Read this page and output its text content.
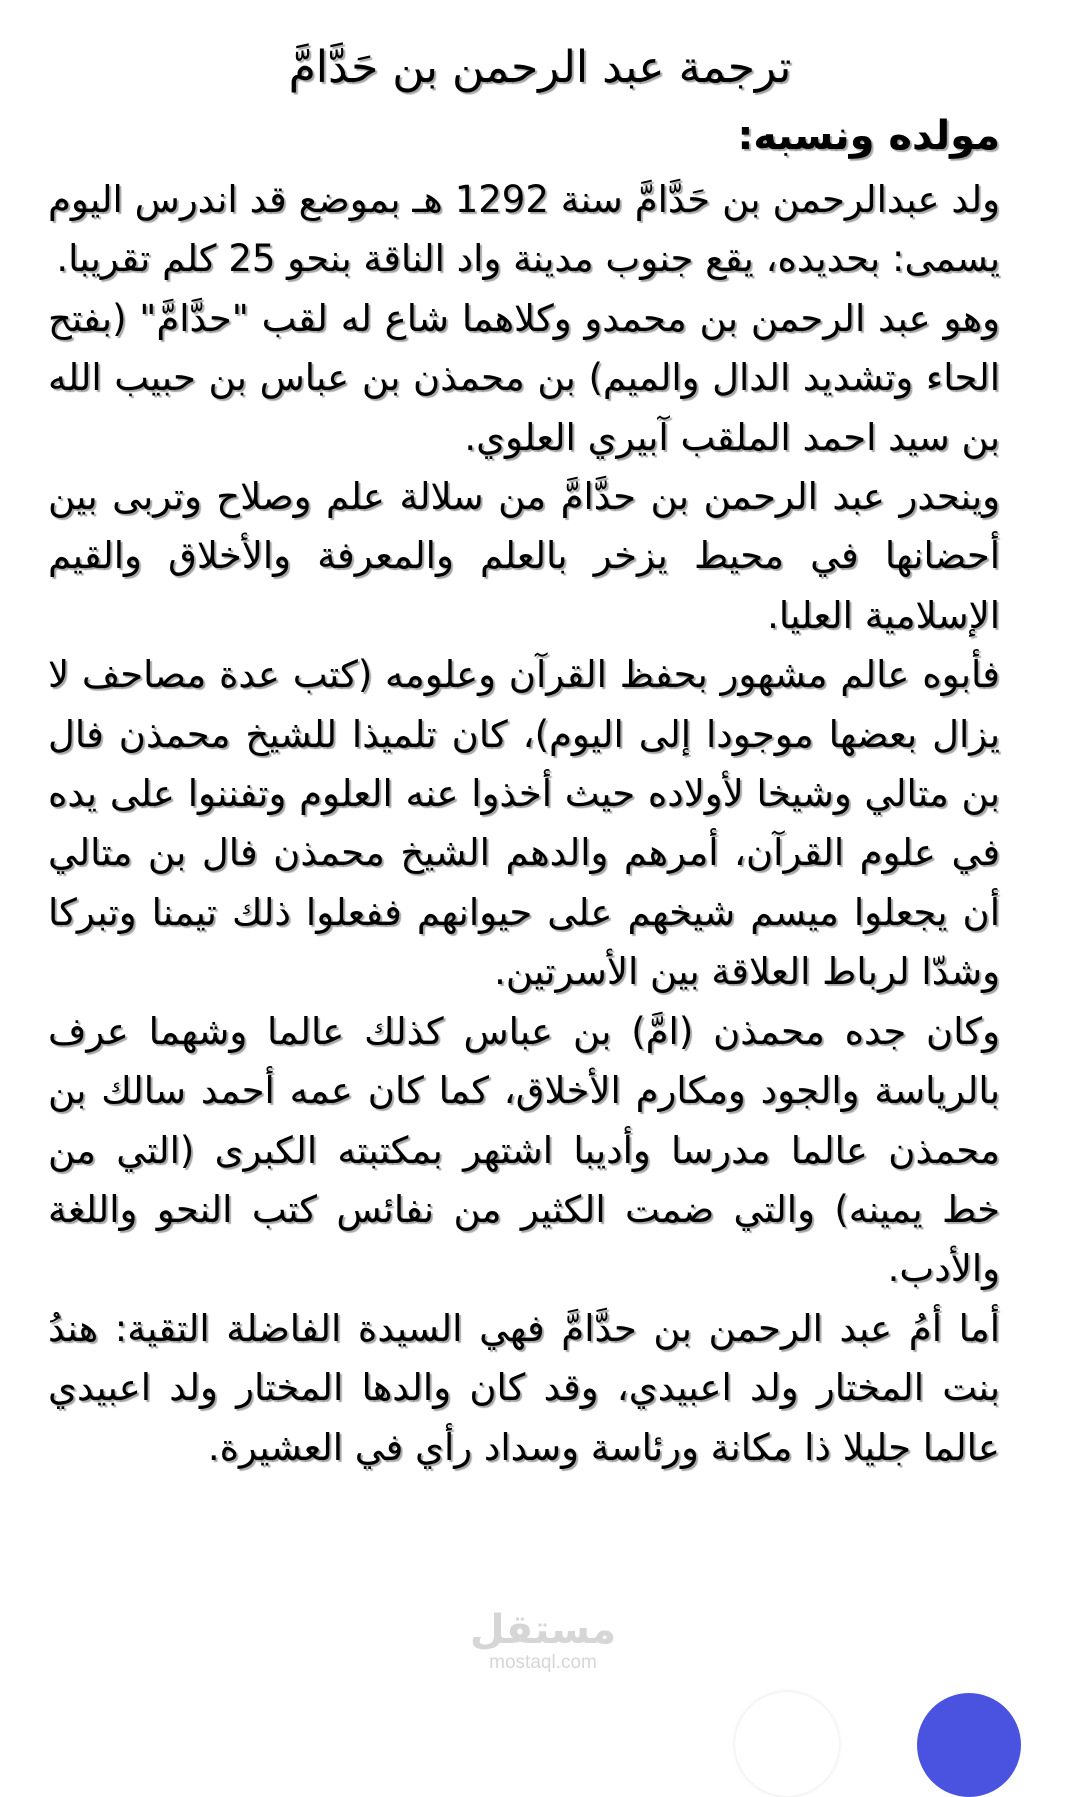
ترجمة عبد الرحمن بن حَدَّامَّ
مولده ونسبه:

ولد عبدالرحمن بن حَدَّامَّ سنة 1292 هـ بموضع قد اندرس اليوم يسمى: بحديده، يقع جنوب مدينة واد الناقة بنحو 25 كلم تقريبا.

وهو عبد الرحمن بن محمدو وكلاهما شاع له لقب "حدَّامَّ" (بفتح الحاء وتشديد الدال والميم) بن محمذن بن عباس بن حبيب الله بن سيد احمد الملقب آبيري العلوي.

وينحدر عبد الرحمن بن حدَّامَّ من سلالة علم وصلاح وتربى بين أحضانها في محيط يزخر بالعلم والمعرفة والأخلاق والقيم الإسلامية العليا.

فأبوه عالم مشهور بحفظ القرآن وعلومه (كتب عدة مصاحف لا يزال بعضها موجودا إلى اليوم)، كان تلميذا للشيخ محمذن فال بن متالي وشيخا لأولاده حيث أخذوا عنه العلوم وتفننوا على يده في علوم القرآن، أمرهم والدهم الشيخ محمذن فال بن متالي أن يجعلوا ميسم شيخهم على حيوانهم ففعلوا ذلك تيمنا وتبركا وشدّا لرباط العلاقة بين الأسرتين.

وكان جده محمذن (امَّ) بن عباس كذلك عالما وشهما عرف بالرياسة والجود ومكارم الأخلاق، كما كان عمه أحمد سالك بن محمذن عالما مدرسا وأديبا اشتهر بمكتبته الكبرى (التي من خط يمينه) والتي ضمت الكثير من نفائس كتب النحو واللغة والأدب.

أما أمُ عبد الرحمن بن حدَّامَّ فهي السيدة الفاضلة التقية: هندُ بنت المختار ولد اعبيدي، وقد كان والدها المختار ولد اعبيدي عالما جليلا ذا مكانة ورئاسة وسداد رأي في العشيرة.

مستقل
mostaql.com
